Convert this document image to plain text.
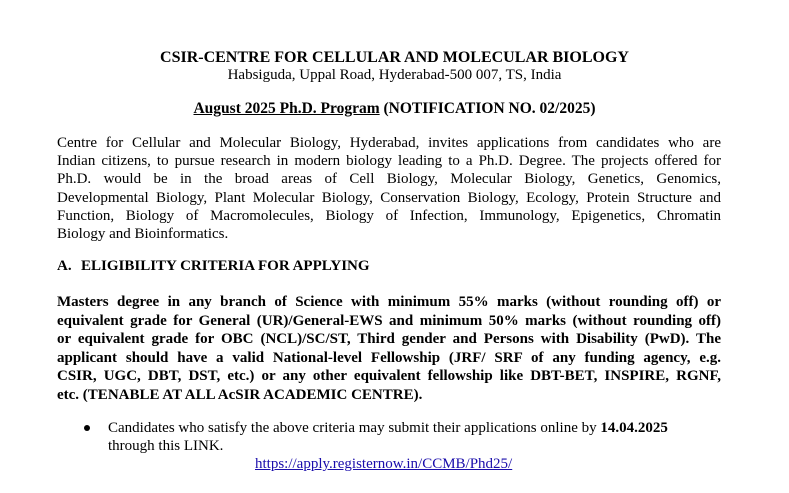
CSIR-CENTRE FOR CELLULAR AND MOLECULAR BIOLOGY
Habsiguda, Uppal Road, Hyderabad-500 007, TS, India
August 2025 Ph.D. Program (NOTIFICATION NO. 02/2025)
Centre for Cellular and Molecular Biology, Hyderabad, invites applications from candidates who are
Indian citizens, to pursue research in modern biology leading to a Ph.D. Degree. The projects offered for
Ph.D. would be in the broad areas of Cell Biology, Molecular Biology, Genetics, Genomics,
Developmental Biology, Plant Molecular Biology, Conservation Biology, Ecology, Protein Structure and
Function, Biology of Macromolecules, Biology of Infection, Immunology, Epigenetics, Chromatin
Biology and Bioinformatics.
A. ELIGIBILITY CRITERIA FOR APPLYING
Masters degree in any branch of Science with minimum 55% marks (without rounding off) or
equivalent grade for General (UR)/General-EWS and minimum 50% marks (without rounding off)
or equivalent grade for OBC (NCL)/SC/ST, Third gender and Persons with Disability (PwD). The
applicant should have a valid National-level Fellowship (JRF/ SRF of any funding agency, e.g.
CSIR, UGC, DBT, DST, etc.) or any other equivalent fellowship like DBT-BET, INSPIRE, RGNF,
etc. (TENABLE AT ALL AcSIR ACADEMIC CENTRE).
Candidates who satisfy the above criteria may submit their applications online by 14.04.2025
through this LINK.
https://apply.registernow.in/CCMB/Phd25/
